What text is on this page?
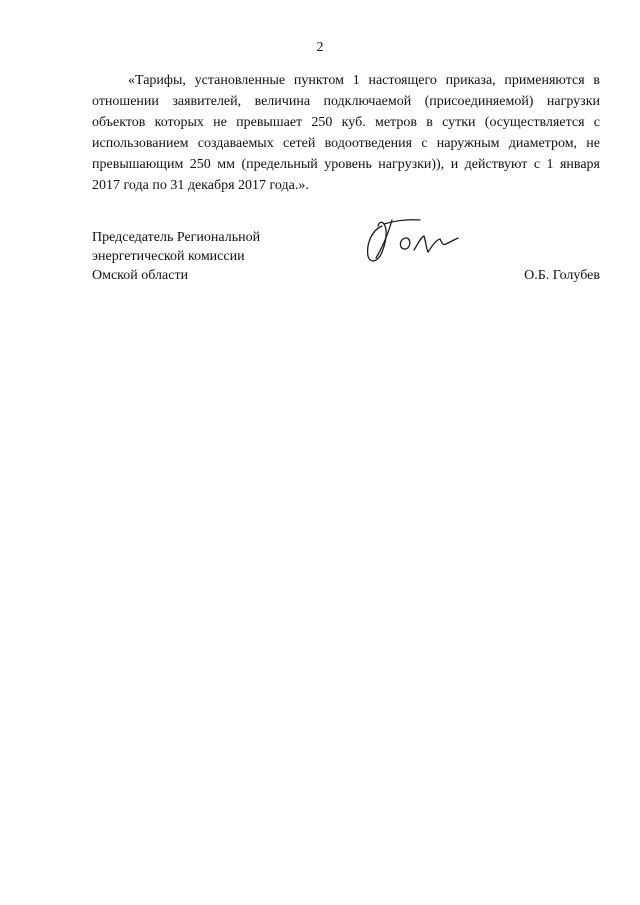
2

«Тарифы, установленные пунктом 1 настоящего приказа, применяются в отношении заявителей, величина подключаемой (присоединяемой) нагрузки объектов которых не превышает 250 куб. метров в сутки (осуществляется с использованием создаваемых сетей водоотведения с наружным диаметром, не превышающим 250 мм (предельный уровень нагрузки)), и действуют с 1 января 2017 года по 31 декабря 2017 года.».

Председатель Региональной
энергетической комиссии
Омской области	О.Б. Голубев
